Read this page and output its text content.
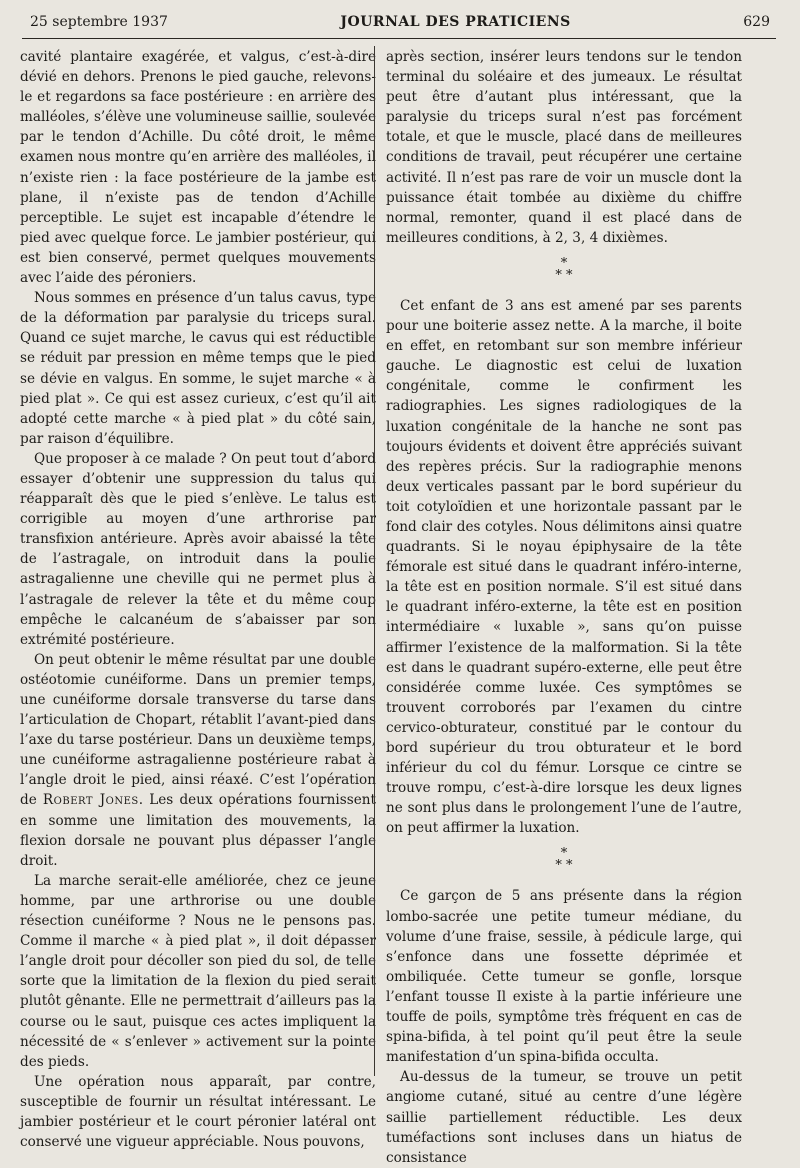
25 septembre 1937	JOURNAL DES PRATICIENS	629

cavité plantaire exagérée, et valgus, c’est-à-dire dévié en dehors. Prenons le pied gauche, relevons-le et regardons sa face postérieure : en arrière des malléoles, s’élève une volumineuse saillie, soulevée par le tendon d’Achille. Du côté droit, le même examen nous montre qu’en arrière des malléoles, il n’existe rien : la face postérieure de la jambe est plane, il n’existe pas de tendon d’Achille perceptible. Le sujet est incapable d’étendre le pied avec quelque force. Le jambier postérieur, qui est bien conservé, permet quelques mouvements avec l’aide des péroniers.

Nous sommes en présence d’un talus cavus, type de la déformation par paralysie du triceps sural. Quand ce sujet marche, le cavus qui est réductible se réduit par pression en même temps que le pied se dévie en valgus. En somme, le sujet marche « à pied plat ». Ce qui est assez curieux, c’est qu’il ait adopté cette marche « à pied plat » du côté sain, par raison d’équilibre.

Que proposer à ce malade ? On peut tout d’abord essayer d’obtenir une suppression du talus qui réapparaît dès que le pied s’enlève. Le talus est corrigible au moyen d’une arthrorise par transfixion antérieure. Après avoir abaissé la tête de l’astragale, on introduit dans la poulie astragalienne une cheville qui ne permet plus à l’astragale de relever la tête et du même coup empêche le calcanéum de s’abaisser par son extrémité postérieure.

On peut obtenir le même résultat par une double ostéotomie cunéiforme. Dans un premier temps, une cunéiforme dorsale transverse du tarse dans l’articulation de Chopart, rétablit l’avant-pied dans l’axe du tarse postérieur. Dans un deuxième temps, une cunéiforme astragalienne postérieure rabat à l’angle droit le pied, ainsi réaxé. C’est l’opération de Robert Jones. Les deux opérations fournissent en somme une limitation des mouvements, la flexion dorsale ne pouvant plus dépasser l’angle droit.

La marche serait-elle améliorée, chez ce jeune homme, par une arthrorise ou une double résection cunéiforme ? Nous ne le pensons pas. Comme il marche « à pied plat », il doit dépasser l’angle droit pour décoller son pied du sol, de telle sorte que la limitation de la flexion du pied serait plutôt gênante. Elle ne permettrait d’ailleurs pas la course ou le saut, puisque ces actes impliquent la nécessité de « s’enlever » activement sur la pointe des pieds.

Une opération nous apparaît, par contre, susceptible de fournir un résultat intéressant. Le jambier postérieur et le court péronier latéral ont conservé une vigueur appréciable. Nous pouvons,

après section, insérer leurs tendons sur le tendon terminal du soléaire et des jumeaux. Le résultat peut être d’autant plus intéressant, que la paralysie du triceps sural n’est pas forcément totale, et que le muscle, placé dans de meilleures conditions de travail, peut récupérer une certaine activité. Il n’est pas rare de voir un muscle dont la puissance était tombée au dixième du chiffre normal, remonter, quand il est placé dans de meilleures conditions, à 2, 3, 4 dixièmes.

*
* *

Cet enfant de 3 ans est amené par ses parents pour une boiterie assez nette. A la marche, il boite en effet, en retombant sur son membre inférieur gauche. Le diagnostic est celui de luxation congénitale, comme le confirment les radiographies. Les signes radiologiques de la luxation congénitale de la hanche ne sont pas toujours évidents et doivent être appréciés suivant des repères précis. Sur la radiographie menons deux verticales passant par le bord supérieur du toit cotyloïdien et une horizontale passant par le fond clair des cotyles. Nous délimitons ainsi quatre quadrants. Si le noyau épiphysaire de la tête fémorale est situé dans le quadrant inféro-interne, la tête est en position normale. S’il est situé dans le quadrant inféro-externe, la tête est en position intermédiaire « luxable », sans qu’on puisse affirmer l’existence de la malformation. Si la tête est dans le quadrant supéro-externe, elle peut être considérée comme luxée. Ces symptômes se trouvent corroborés par l’examen du cintre cervico-obturateur, constitué par le contour du bord supérieur du trou obturateur et le bord inférieur du col du fémur. Lorsque ce cintre se trouve rompu, c’est-à-dire lorsque les deux lignes ne sont plus dans le prolongement l’une de l’autre, on peut affirmer la luxation.

*
* *

Ce garçon de 5 ans présente dans la région lombo-sacrée une petite tumeur médiane, du volume d’une fraise, sessile, à pédicule large, qui s’enfonce dans une fossette déprimée et ombiliquée. Cette tumeur se gonfle, lorsque l’enfant tousse Il existe à la partie inférieure une touffe de poils, symptôme très fréquent en cas de spina-bifida, à tel point qu’il peut être la seule manifestation d’un spina-bifida occulta.

Au-dessus de la tumeur, se trouve un petit angiome cutané, situé au centre d’une légère saillie partiellement réductible. Les deux tuméfactions sont incluses dans un hiatus de consistance
